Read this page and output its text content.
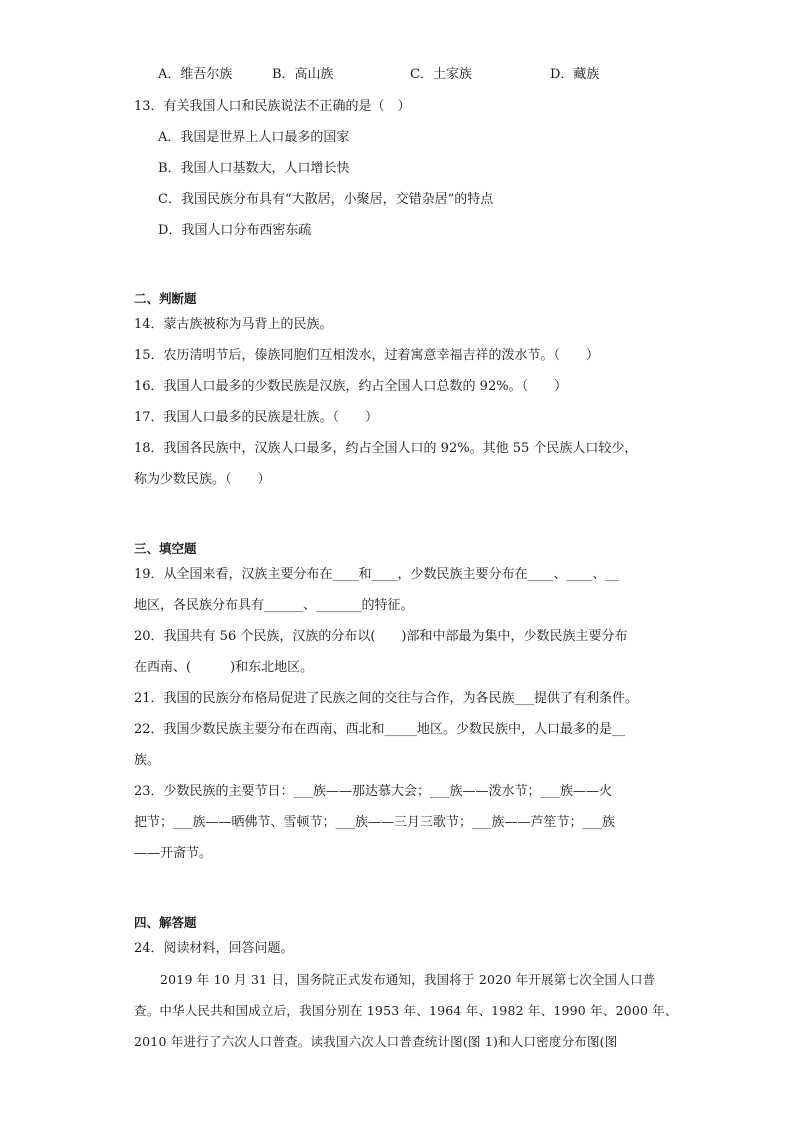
A．维吾尔族	B．高山族	C．土家族	D．藏族
13．有关我国人口和民族说法不正确的是（　）
A．我国是世界上人口最多的国家
B．我国人口基数大，人口增长快
C．我国民族分布具有“大散居，小聚居，交错杂居”的特点
D．我国人口分布西密东疏
二、判断题
14．蒙古族被称为马背上的民族。
15．农历清明节后，傣族同胞们互相泼水，过着寓意幸福吉祥的泼水节。（　　）
16．我国人口最多的少数民族是汉族，约占全国人口总数的 92%。（　　）
17．我国人口最多的民族是壮族。（　　）
18．我国各民族中，汉族人口最多，约占全国人口的 92%。其他 55 个民族人口较少，
称为少数民族。（　　）
三、填空题
19．从全国来看，汉族主要分布在____和____，少数民族主要分布在____、____、__
地区，各民族分布具有______、_______的特征。
20．我国共有 56 个民族，汉族的分布以(　　)部和中部最为集中，少数民族主要分布
在西南、(　　　)和东北地区。
21．我国的民族分布格局促进了民族之间的交往与合作，为各民族___提供了有利条件。
22．我国少数民族主要分布在西南、西北和_____地区。少数民族中，人口最多的是__
族。
23．少数民族的主要节日：___族——那达慕大会；___族——泼水节；___族——火
把节；___族——晒佛节、雪顿节；___族——三月三歌节；___族——芦笙节；___族
——开斋节。
四、解答题
24．阅读材料，回答问题。
2019 年 10 月 31 日，国务院正式发布通知，我国将于 2020 年开展第七次全国人口普
查。中华人民共和国成立后，我国分别在 1953 年、1964 年、1982 年、1990 年、2000 年、
2010 年进行了六次人口普查。读我国六次人口普查统计图(图 1)和人口密度分布图(图
